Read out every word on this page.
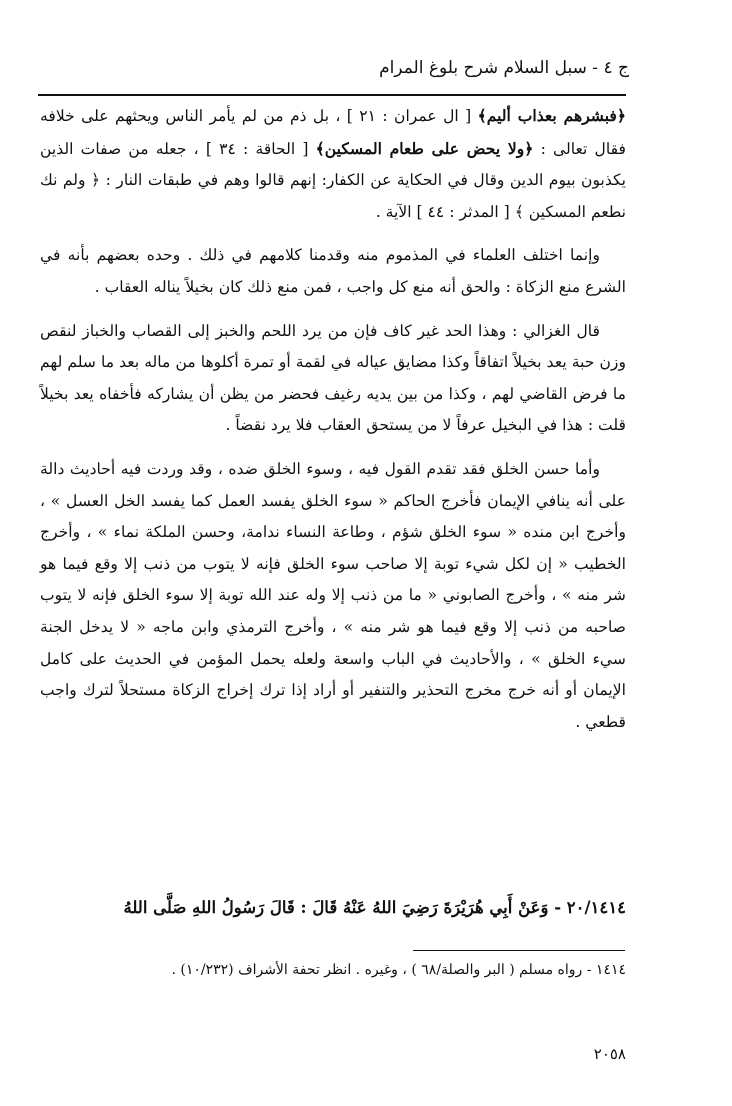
ج ٤ - سبل السلام شرح بلوغ المرام

﴿فبشرهم بعذاب أليم﴾ [ ال عمران : ٢١ ] ، بل ذم من لم يأمر الناس ويحثهم على خلافه فقال تعالى : ﴿ولا يحض على طعام المسكين﴾ [ الحاقة : ٣٤ ] ، جعله من صفات الذين يكذبون بيوم الدين وقال في الحكاية عن الكفار: إنهم قالوا وهم في طبقات النار : ﴿ ولم نك نطعم المسكين ﴾ [ المدثر : ٤٤ ] الآية .

وإنما اختلف العلماء في المذموم منه وقدمنا كلامهم في ذلك . وحده بعضهم بأنه في الشرع منع الزكاة : والحق أنه منع كل واجب ، فمن منع ذلك كان بخيلاً يناله العقاب .

قال الغزالي : وهذا الحد غير كاف فإن من يرد اللحم والخبز إلى القصاب والخباز لنقص وزن حبة يعد بخيلاً اتفاقاً وكذا مضايق عياله في لقمة أو تمرة أكلوها من ماله بعد ما سلم لهم ما فرض القاضي لهم ، وكذا من بين يديه رغيف فحضر من يظن أن يشاركه فأخفاه يعد بخيلاً قلت : هذا في البخيل عرفاً لا من يستحق العقاب فلا يرد نقضاً .

وأما حسن الخلق فقد تقدم القول فيه ، وسوء الخلق ضده ، وقد وردت فيه أحاديث دالة على أنه ينافي الإيمان فأخرج الحاكم « سوء الخلق يفسد العمل كما يفسد الخل العسل » ، وأخرج ابن منده « سوء الخلق شؤم ، وطاعة النساء ندامة، وحسن الملكة نماء » ، وأخرج الخطيب « إن لكل شيء توبة إلا صاحب سوء الخلق فإنه لا يتوب من ذنب إلا وقع فيما هو شر منه » ، وأخرج الصابوني « ما من ذنب إلا وله عند الله توبة إلا سوء الخلق فإنه لا يتوب صاحبه من ذنب إلا وقع فيما هو شر منه » ، وأخرج الترمذي وابن ماجه « لا يدخل الجنة سيء الخلق » ، والأحاديث في الباب واسعة ولعله يحمل المؤمن في الحديث على كامل الإيمان أو أنه خرج مخرج التحذير والتنفير أو أراد إذا ترك إخراج الزكاة مستحلاً لترك واجب قطعي .

٢٠/١٤١٤ - وَعَنْ أَبِي هُرَيْرَةَ رَضِيَ اللهُ عَنْهُ قَالَ : قَالَ رَسُولُ اللهِ صَلَّى اللهُ
١٤١٤ - رواه مسلم ( البر والصلة/٦٨ ) ، وغيره . انظر تحفة الأشراف (١٠/٢٣٢) .
٢٠٥٨
